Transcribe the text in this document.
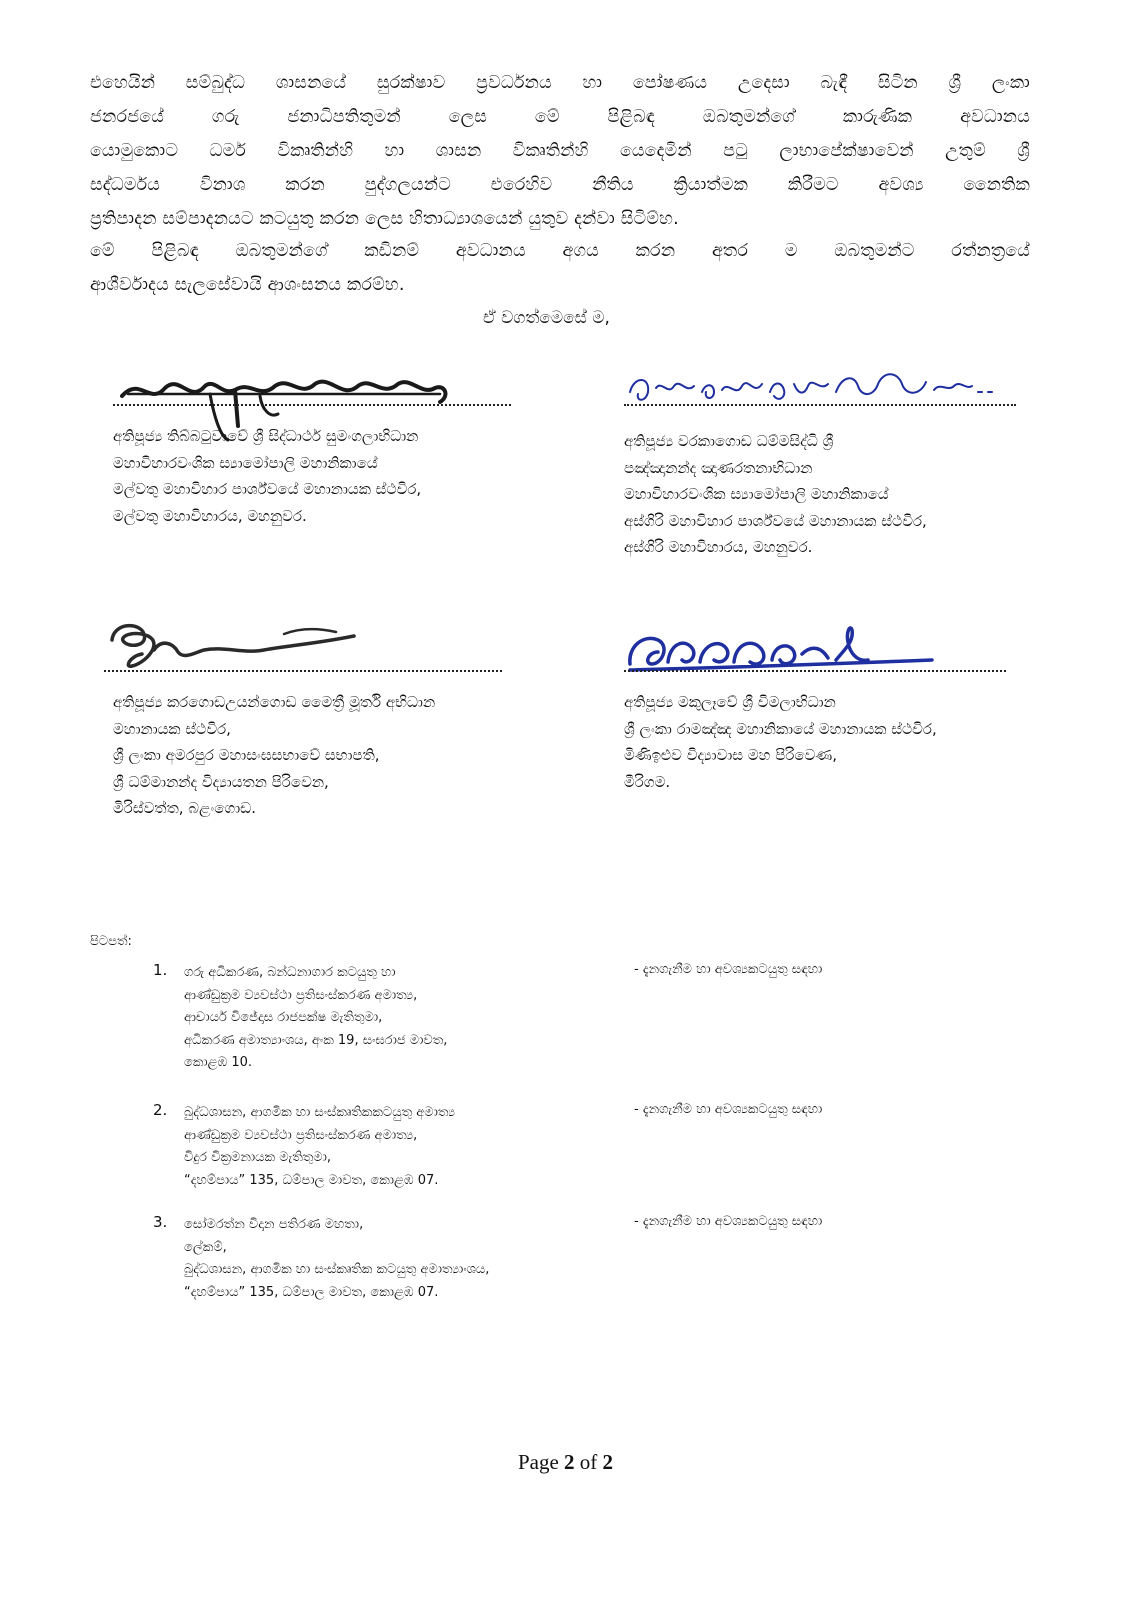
එහෙයින් සම්බුද්ධ ශාසනයේ සුරක්ෂාව ප්‍රවර්ධනය හා පෝෂණය උදෙසා බැඳී සිටින ශ්‍රී ලංකා
ජනරජයේ ගරු ජනාධිපතිතුමන් ලෙස මේ පිළිබඳ ඔබතුමන්ගේ කාරුණික අවධානය
යොමුකොට ධර්ම විකෘතින්හි හා ශාසන විකෘතින්හි යෙදෙමින් පටු ලාභාපේක්ෂාවෙන් උතුම් ශ්‍රී
සද්ධර්මය විනාශ කරන පුද්ගලයන්ට එරෙහිව නීතිය ක්‍රියාත්මක කිරීමට අවශ්‍ය නෛතික
ප්‍රතිපාදන සම්පාදනයට කටයුතු කරන ලෙස හිතාධ්‍යාශයෙන් යුතුව දන්වා සිටිම්හ.
මේ පිළිබඳ ඔබතුමන්ගේ කඩිනම් අවධානය අගය කරන අතර ම ඔබතුමන්ට රත්නත්‍රයේ
ආශීර්වාදය සැලසේවායි ආශංසනය කරම්හ.
ඒ වගත්මෙසේ ම,
අතිපූජ්‍ය තිබ්බටුවාවේ ශ්‍රී සිද්ධාර්ථ සුමංගලාභිධාන
මහාවිහාරවංශික ස්‍යාමෝපාලි මහානිකායේ
මල්වතු මහාවිහාර පාර්ශ්වයේ මහානායක ස්ථවිර,
මල්වතු මහාවිහාරය, මහනුවර.
අතිපූජ්‍ය වරකාගොඩ ධම්මසිද්ධි ශ්‍රී
පඤ්ඤානන්ද ඤාණරතනාභිධාන
මහාවිහාරවංශික ස්‍යාමෝපාලි මහානිකායේ
අස්ගිරි මහාවිහාර පාර්ශ්වයේ මහානායක ස්ථවිර,
අස්ගිරි මහාවිහාරය, මහනුවර.
අතිපූජ්‍ය කරගොඩඋයන්ගොඩ මෛත්‍රී මූර්ති අභිධාන
මහානායක ස්ථවිර,
ශ්‍රී ලංකා අමරපුර මහාසංඝසභාවේ සභාපති,
ශ්‍රී ධම්මානන්ද විද්‍යායතන පිරිවෙන,
මිරිස්වත්ත, බළංගොඩ.
අතිපූජ්‍ය මකුලෑවේ ශ්‍රී විමලාභිධාන
ශ්‍රී ලංකා රාමඤ්ඤ මහානිකායේ මහානායක ස්ථවිර,
මිණිඉළුව විද්‍යාවාස මහ පිරිවෙණ,
මීරිගම.
පිටපත්:
1. ගරු අධිකරණ, බන්ධනාගාර කටයුතු හා
ආණ්ඩුක්‍රම ව්‍යවස්ථා ප්‍රතිසංස්කරණ අමාත්‍ය,
ආචාර්ය විජේදාස රාජපක්ෂ මැතිතුමා,
අධිකරණ අමාත්‍යාංශය, අංක 19, සංඝරාජ මාවත,
කොළඹ 10.
- දැනගැනීම හා අවශ්‍යකටයුතු සඳහා
2. බුද්ධශාසන, ආගමික හා සංස්කෘතිකකටයුතු අමාත්‍ය
ආණ්ඩුක්‍රම ව්‍යවස්ථා ප්‍රතිසංස්කරණ අමාත්‍ය,
විදුර වික්‍රමනායක මැතිතුමා,
“දහම්පාය” 135, ධම්පාල මාවත, කොළඹ 07.
- දැනගැනීම හා අවශ්‍යකටයුතු සඳහා
3. සෝමරත්න විදාන පතිරණ මහතා,
ලේකම්,
බුද්ධශාසන, ආගමික හා සංස්කෘතික කටයුතු අමාත්‍යාංශය,
“දහම්පාය” 135, ධම්පාල මාවත, කොළඹ 07.
- දැනගැනීම හා අවශ්‍යකටයුතු සඳහා
Page 2 of 2
